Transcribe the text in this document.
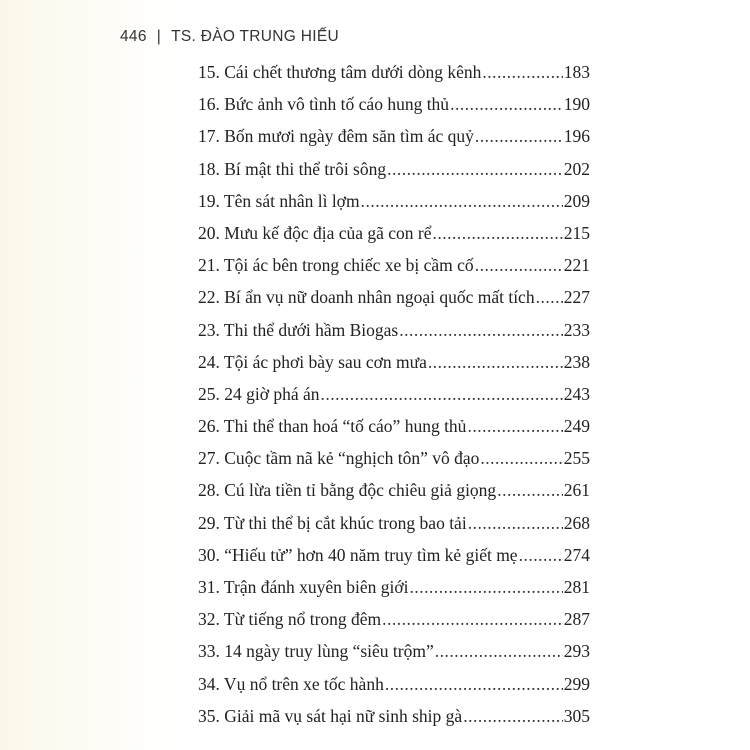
446 | TS. ĐÀO TRUNG HIẾU
15. Cái chết thương tâm dưới dòng kênh .....	183
16. Bức ảnh vô tình tố cáo hung thủ .....	190
17. Bốn mươi ngày đêm săn tìm ác quỷ .....	196
18. Bí mật thi thể trôi sông .....	202
19. Tên sát nhân lì lợm .....	209
20. Mưu kế độc địa của gã con rể .....	215
21. Tội ác bên trong chiếc xe bị cầm cố .....	221
22. Bí ẩn vụ nữ doanh nhân ngoại quốc mất tích ..... 227
23. Thi thể dưới hầm Biogas .....	233
24. Tội ác phơi bày sau cơn mưa .....	238
25. 24 giờ phá án .....	243
26. Thi thể than hoá “tố cáo” hung thủ .....	249
27. Cuộc tầm nã kẻ “nghịch tôn” vô đạo .....	255
28. Cú lừa tiền tỉ bằng độc chiêu giả giọng .....	261
29. Từ thi thể bị cắt khúc trong bao tải .....	268
30. “Hiếu tử” hơn 40 năm truy tìm kẻ giết mẹ .....	274
31. Trận đánh xuyên biên giới .....	281
32. Từ tiếng nổ trong đêm .....	287
33. 14 ngày truy lùng “siêu trộm” .....	293
34. Vụ nổ trên xe tốc hành .....	299
35. Giải mã vụ sát hại nữ sinh ship gà .....	305
